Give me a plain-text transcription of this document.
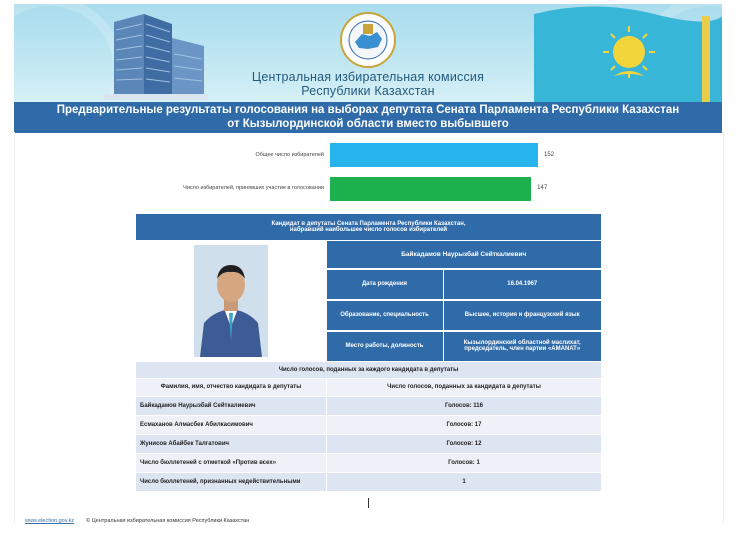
Центральная избирательная комиссия
Республики Казахстан
Предварительные результаты голосования на выборах депутата Сената Парламента Республики Казахстан
от Кызылординской области вместо выбывшего
Общее число избирателей	152
Число избирателей, принявших участие в голосовании	147
Кандидат в депутаты Сената Парламента Республики Казахстан,
набравший наибольшее число голосов избирателей

	Байкадамов Наурызбай Сейткалиевич

Дата рождения	16.04.1967

Образование, специальность	Высшее, история и французский язык

Место работы, должность	Кызылординский областной маслихат, председатель, член партии «AMANAT»

Число голосов, поданных за каждого кандидата в депутаты
Фамилия, имя, отчество кандидата в депутаты	Число голосов, поданных за кандидата в депутаты
Байкадамов Наурызбай Сейткалиевич	Голосов: 116
Есмаханов Алмасбек Абилкасимович	Голосов: 17
Жунисов Абайбек Талгатович	Голосов: 12
Число бюллетеней с отметкой «Против всех»	Голосов: 1
Число бюллетеней, признанных недействительными	1
www.election.gov.kz © Центральная избирательная комиссия Республики Казахстан
